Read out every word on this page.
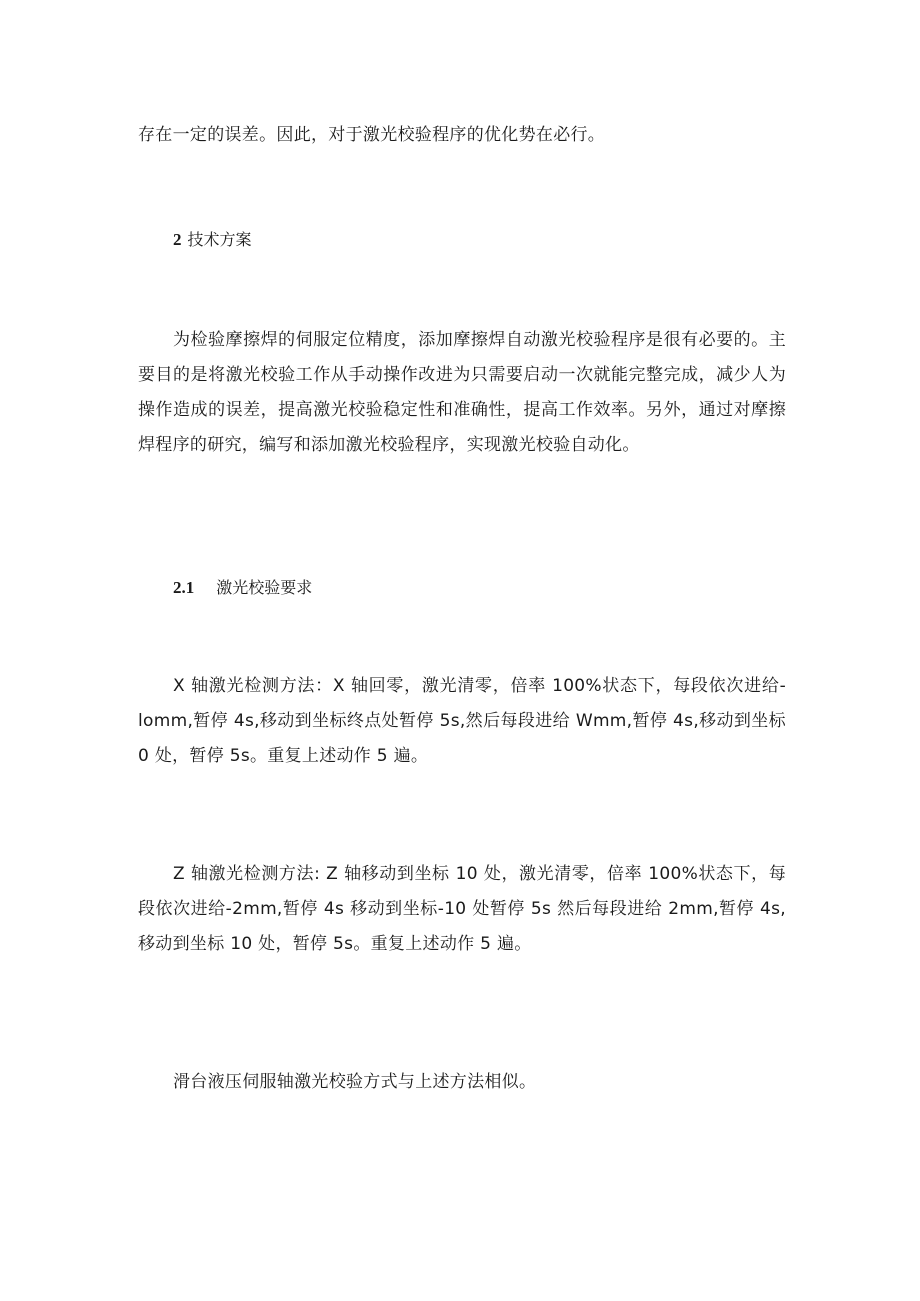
存在一定的误差。因此，对于激光校验程序的优化势在必行。

2 技术方案

为检验摩擦焊的伺服定位精度，添加摩擦焊自动激光校验程序是很有必要的。主要目的是将激光校验工作从手动操作改进为只需要启动一次就能完整完成，减少人为操作造成的误差，提高激光校验稳定性和准确性，提高工作效率。另外，通过对摩擦焊程序的研究，编写和添加激光校验程序，实现激光校验自动化。

2.1 激光校验要求

X 轴激光检测方法：X 轴回零，激光清零，倍率 100%状态下，每段依次进给-lomm,暂停 4s,移动到坐标终点处暂停 5s,然后每段进给 Wmm,暂停 4s,移动到坐标 0 处，暂停 5s。重复上述动作 5 遍。

Z 轴激光检测方法: Z 轴移动到坐标 10 处，激光清零，倍率 100%状态下，每段依次进给-2mm,暂停 4s 移动到坐标-10 处暂停 5s 然后每段进给 2mm,暂停 4s,移动到坐标 10 处，暂停 5s。重复上述动作 5 遍。

滑台液压伺服轴激光校验方式与上述方法相似。
